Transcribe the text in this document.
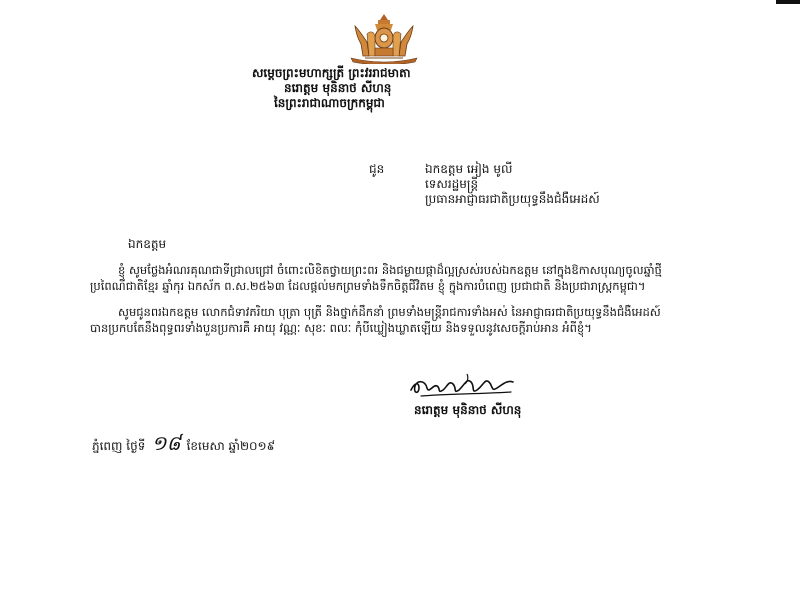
សម្ដេចព្រះមហាក្សត្រី ព្រះវររាជមាតា
នរោត្តម មុនិនាថ សីហនុ
នៃព្រះរាជាណាចក្រកម្ពុជា
ជូន	ឯកឧត្ដម អៀង មូលី
ទេសរដ្ឋមន្រ្តី
ប្រធានអាជ្ញាធរជាតិប្រយុទ្ធនឹងជំងឺអេដស៍
ឯកឧត្តម
ខ្ញុំ សូមថ្លែងអំណរគុណជាទីជ្រាលជ្រៅ ចំពោះលិខិតថ្វាយព្រះពរ និងជម្ងាយផ្កាដ៏ល្អស្រស់របស់ឯកឧត្តម នៅក្នុងឱកាសបុណ្យចូលឆ្នាំថ្មី ប្រពៃណីជាតិខ្មែរ ឆ្នាំកុរ ឯកស័ក ព.ស.២៥៦៣ ដែលផ្តល់មកព្រមទាំងទឹកចិត្តជីវិតម ខ្ញុំ ក្នុងការបំពេញ ប្រជាជាតិ និងប្រជារាស្ត្រកម្ពុជា។
សូមជូនពរឯកឧត្តម លោកជំទាវភរិយា បុត្រា បុត្រី និងថ្នាក់ដឹកនាំ ព្រមទាំងមន្ត្រីរាជការទាំងអស់ នៃអាជ្ញាធរជាតិប្រយុទ្ធនឹងជំងឺអេដស៍ បានប្រកបតែនឹងពុទ្ធពរទាំងបួនប្រការគឺ អាយុ វណ្ណៈ សុខៈ ពលៈ កុំបីឃ្លៀងឃ្លាតឡើយ និងទទួលនូវសេចក្តីរាប់អាន អំពីខ្ញុំ។
នរោត្តម មុនិនាថ សីហនុ
ភ្នំពេញ ថ្ងៃទី ១៨ ខែមេសា ឆ្នាំ២០១៩
